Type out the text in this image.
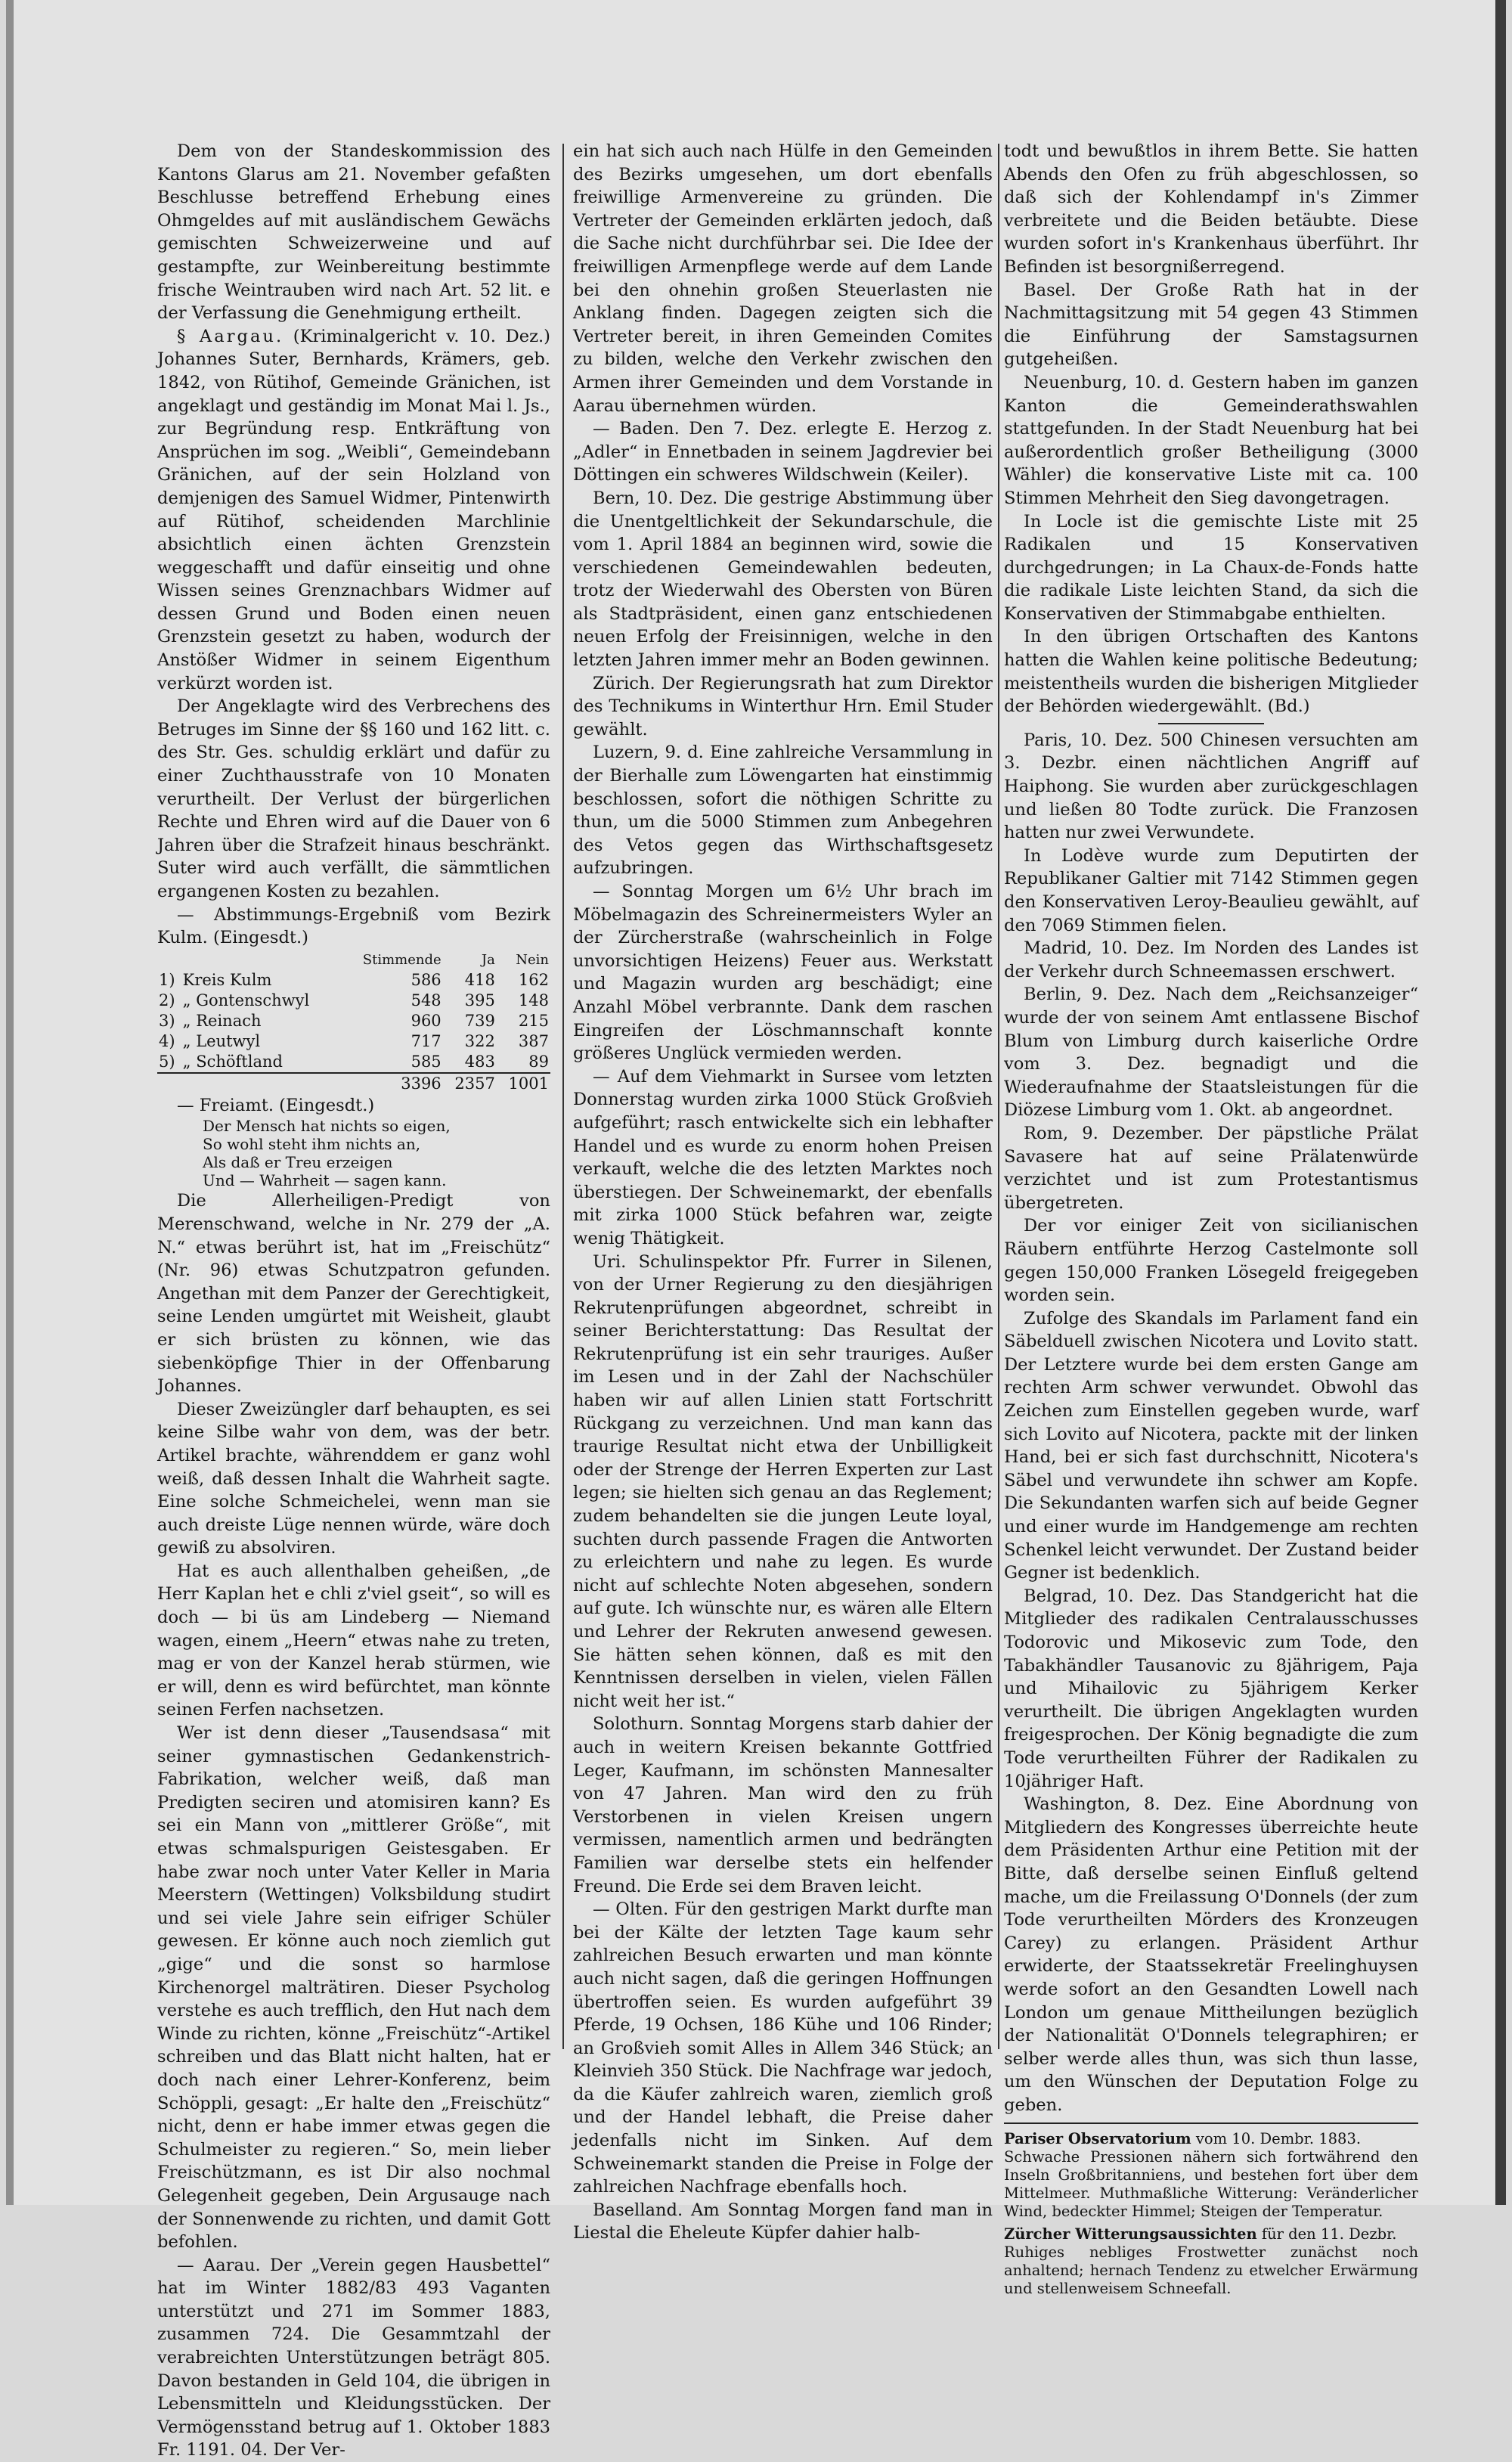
Dem von der Standeskommission des Kantons Glarus am 21. November gefaßten Beschlusse betreffend Erhebung eines Ohmgeldes auf mit ausländischem Gewächs gemischten Schweizerweine und auf gestampfte, zur Weinbereitung bestimmte frische Weintrauben wird nach Art. 52 lit. e der Verfassung die Genehmigung ertheilt.

§ Aargau. (Kriminalgericht v. 10. Dez.) Johannes Suter, Bernhards, Krämers, geb. 1842, von Rütihof, Gemeinde Gränichen, ist angeklagt und geständig im Monat Mai l. Js., zur Begründung resp. Entkräftung von Ansprüchen im sog. „Weibli“, Gemeindebann Gränichen, auf der sein Holzland von demjenigen des Samuel Widmer, Pintenwirth auf Rütihof, scheidenden Marchlinie absichtlich einen ächten Grenzstein weggeschafft und dafür einseitig und ohne Wissen seines Grenznachbars Widmer auf dessen Grund und Boden einen neuen Grenzstein gesetzt zu haben, wodurch der Anstößer Widmer in seinem Eigenthum verkürzt worden ist.

Der Angeklagte wird des Verbrechens des Betruges im Sinne der §§ 160 und 162 litt. c. des Str. Ges. schuldig erklärt und dafür zu einer Zuchthausstrafe von 10 Monaten verurtheilt. Der Verlust der bürgerlichen Rechte und Ehren wird auf die Dauer von 6 Jahren über die Strafzeit hinaus beschränkt. Suter wird auch verfällt, die sämmtlichen ergangenen Kosten zu bezahlen.

— Abstimmungs-Ergebniß vom Bezirk Kulm. (Eingesdt.)

		Stimmende	Ja	Nein
1)	Kreis Kulm	586	418	162
2)	„ Gontenschwyl	548	395	148
3)	„ Reinach	960	739	215
4)	„ Leutwyl	717	322	387
5)	„ Schöftland	585	483	89
		3396	2357	1001

— Freiamt. (Eingesdt.)

Der Mensch hat nichts so eigen,
So wohl steht ihm nichts an,
Als daß er Treu erzeigen
Und — Wahrheit — sagen kann.

Die Allerheiligen-Predigt von Merenschwand, welche in Nr. 279 der „A. N.“ etwas berührt ist, hat im „Freischütz“ (Nr. 96) etwas Schutzpatron gefunden. Angethan mit dem Panzer der Gerechtigkeit, seine Lenden umgürtet mit Weisheit, glaubt er sich brüsten zu können, wie das siebenköpfige Thier in der Offenbarung Johannes.

Dieser Zweizüngler darf behaupten, es sei keine Silbe wahr von dem, was der betr. Artikel brachte, währenddem er ganz wohl weiß, daß dessen Inhalt die Wahrheit sagte. Eine solche Schmeichelei, wenn man sie auch dreiste Lüge nennen würde, wäre doch gewiß zu absolviren.

Hat es auch allenthalben geheißen, „de Herr Kaplan het e chli z'viel gseit“, so will es doch — bi üs am Lindeberg — Niemand wagen, einem „Heern“ etwas nahe zu treten, mag er von der Kanzel herab stürmen, wie er will, denn es wird befürchtet, man könnte seinen Ferfen nachsetzen.

Wer ist denn dieser „Tausendsasa“ mit seiner gymnastischen Gedankenstrich-Fabrikation, welcher weiß, daß man Predigten seciren und atomisiren kann? Es sei ein Mann von „mittlerer Größe“, mit etwas schmalspurigen Geistesgaben. Er habe zwar noch unter Vater Keller in Maria Meerstern (Wettingen) Volksbildung studirt und sei viele Jahre sein eifriger Schüler gewesen. Er könne auch noch ziemlich gut „gige“ und die sonst so harmlose Kirchenorgel malträtiren. Dieser Psycholog verstehe es auch trefflich, den Hut nach dem Winde zu richten, könne „Freischütz“-Artikel schreiben und das Blatt nicht halten, hat er doch nach einer Lehrer-Konferenz, beim Schöppli, gesagt: „Er halte den „Freischütz“ nicht, denn er habe immer etwas gegen die Schulmeister zu regieren.“ So, mein lieber Freischützmann, es ist Dir also nochmal Gelegenheit gegeben, Dein Argusauge nach der Sonnenwende zu richten, und damit Gott befohlen.

— Aarau. Der „Verein gegen Hausbettel“ hat im Winter 1882/83 493 Vaganten unterstützt und 271 im Sommer 1883, zusammen 724. Die Gesammtzahl der verabreichten Unterstützungen beträgt 805. Davon bestanden in Geld 104, die übrigen in Lebensmitteln und Kleidungsstücken. Der Vermögensstand betrug auf 1. Oktober 1883 Fr. 1191. 04. Der Ver-

ein hat sich auch nach Hülfe in den Gemeinden des Bezirks umgesehen, um dort ebenfalls freiwillige Armenvereine zu gründen. Die Vertreter der Gemeinden erklärten jedoch, daß die Sache nicht durchführbar sei. Die Idee der freiwilligen Armenpflege werde auf dem Lande bei den ohnehin großen Steuerlasten nie Anklang finden. Dagegen zeigten sich die Vertreter bereit, in ihren Gemeinden Comites zu bilden, welche den Verkehr zwischen den Armen ihrer Gemeinden und dem Vorstande in Aarau übernehmen würden.

— Baden. Den 7. Dez. erlegte E. Herzog z. „Adler“ in Ennetbaden in seinem Jagdrevier bei Döttingen ein schweres Wildschwein (Keiler).

Bern, 10. Dez. Die gestrige Abstimmung über die Unentgeltlichkeit der Sekundarschule, die vom 1. April 1884 an beginnen wird, sowie die verschiedenen Gemeindewahlen bedeuten, trotz der Wiederwahl des Obersten von Büren als Stadtpräsident, einen ganz entschiedenen neuen Erfolg der Freisinnigen, welche in den letzten Jahren immer mehr an Boden gewinnen.

Zürich. Der Regierungsrath hat zum Direktor des Technikums in Winterthur Hrn. Emil Studer gewählt.

Luzern, 9. d. Eine zahlreiche Versammlung in der Bierhalle zum Löwengarten hat einstimmig beschlossen, sofort die nöthigen Schritte zu thun, um die 5000 Stimmen zum Anbegehren des Vetos gegen das Wirthschaftsgesetz aufzubringen.

— Sonntag Morgen um 6½ Uhr brach im Möbelmagazin des Schreinermeisters Wyler an der Zürcherstraße (wahrscheinlich in Folge unvorsichtigen Heizens) Feuer aus. Werkstatt und Magazin wurden arg beschädigt; eine Anzahl Möbel verbrannte. Dank dem raschen Eingreifen der Löschmannschaft konnte größeres Unglück vermieden werden.

— Auf dem Viehmarkt in Sursee vom letzten Donnerstag wurden zirka 1000 Stück Großvieh aufgeführt; rasch entwickelte sich ein lebhafter Handel und es wurde zu enorm hohen Preisen verkauft, welche die des letzten Marktes noch überstiegen. Der Schweinemarkt, der ebenfalls mit zirka 1000 Stück befahren war, zeigte wenig Thätigkeit.

Uri. Schulinspektor Pfr. Furrer in Silenen, von der Urner Regierung zu den diesjährigen Rekrutenprüfungen abgeordnet, schreibt in seiner Berichterstattung: Das Resultat der Rekrutenprüfung ist ein sehr trauriges. Außer im Lesen und in der Zahl der Nachschüler haben wir auf allen Linien statt Fortschritt Rückgang zu verzeichnen. Und man kann das traurige Resultat nicht etwa der Unbilligkeit oder der Strenge der Herren Experten zur Last legen; sie hielten sich genau an das Reglement; zudem behandelten sie die jungen Leute loyal, suchten durch passende Fragen die Antworten zu erleichtern und nahe zu legen. Es wurde nicht auf schlechte Noten abgesehen, sondern auf gute. Ich wünschte nur, es wären alle Eltern und Lehrer der Rekruten anwesend gewesen. Sie hätten sehen können, daß es mit den Kenntnissen derselben in vielen, vielen Fällen nicht weit her ist.“

Solothurn. Sonntag Morgens starb dahier der auch in weitern Kreisen bekannte Gottfried Leger, Kaufmann, im schönsten Mannesalter von 47 Jahren. Man wird den zu früh Verstorbenen in vielen Kreisen ungern vermissen, namentlich armen und bedrängten Familien war derselbe stets ein helfender Freund. Die Erde sei dem Braven leicht.

— Olten. Für den gestrigen Markt durfte man bei der Kälte der letzten Tage kaum sehr zahlreichen Besuch erwarten und man könnte auch nicht sagen, daß die geringen Hoffnungen übertroffen seien. Es wurden aufgeführt 39 Pferde, 19 Ochsen, 186 Kühe und 106 Rinder; an Großvieh somit Alles in Allem 346 Stück; an Kleinvieh 350 Stück. Die Nachfrage war jedoch, da die Käufer zahlreich waren, ziemlich groß und der Handel lebhaft, die Preise daher jedenfalls nicht im Sinken. Auf dem Schweinemarkt standen die Preise in Folge der zahlreichen Nachfrage ebenfalls hoch.

Baselland. Am Sonntag Morgen fand man in Liestal die Eheleute Küpfer dahier halb-

todt und bewußtlos in ihrem Bette. Sie hatten Abends den Ofen zu früh abgeschlossen, so daß sich der Kohlendampf in's Zimmer verbreitete und die Beiden betäubte. Diese wurden sofort in's Krankenhaus überführt. Ihr Befinden ist besorgnißerregend.

Basel. Der Große Rath hat in der Nachmittagsitzung mit 54 gegen 43 Stimmen die Einführung der Samstagsurnen gutgeheißen.

Neuenburg, 10. d. Gestern haben im ganzen Kanton die Gemeinderathswahlen stattgefunden. In der Stadt Neuenburg hat bei außerordentlich großer Betheiligung (3000 Wähler) die konservative Liste mit ca. 100 Stimmen Mehrheit den Sieg davongetragen.

In Locle ist die gemischte Liste mit 25 Radikalen und 15 Konservativen durchgedrungen; in La Chaux-de-Fonds hatte die radikale Liste leichten Stand, da sich die Konservativen der Stimmabgabe enthielten.

In den übrigen Ortschaften des Kantons hatten die Wahlen keine politische Bedeutung; meistentheils wurden die bisherigen Mitglieder der Behörden wiedergewählt. (Bd.)

Paris, 10. Dez. 500 Chinesen versuchten am 3. Dezbr. einen nächtlichen Angriff auf Haiphong. Sie wurden aber zurückgeschlagen und ließen 80 Todte zurück. Die Franzosen hatten nur zwei Verwundete.

In Lodève wurde zum Deputirten der Republikaner Galtier mit 7142 Stimmen gegen den Konservativen Leroy-Beaulieu gewählt, auf den 7069 Stimmen fielen.

Madrid, 10. Dez. Im Norden des Landes ist der Verkehr durch Schneemassen erschwert.

Berlin, 9. Dez. Nach dem „Reichsanzeiger“ wurde der von seinem Amt entlassene Bischof Blum von Limburg durch kaiserliche Ordre vom 3. Dez. begnadigt und die Wiederaufnahme der Staatsleistungen für die Diözese Limburg vom 1. Okt. ab angeordnet.

Rom, 9. Dezember. Der päpstliche Prälat Savasere hat auf seine Prälatenwürde verzichtet und ist zum Protestantismus übergetreten.

Der vor einiger Zeit von sicilianischen Räubern entführte Herzog Castelmonte soll gegen 150,000 Franken Lösegeld freigegeben worden sein.

Zufolge des Skandals im Parlament fand ein Säbelduell zwischen Nicotera und Lovito statt. Der Letztere wurde bei dem ersten Gange am rechten Arm schwer verwundet. Obwohl das Zeichen zum Einstellen gegeben wurde, warf sich Lovito auf Nicotera, packte mit der linken Hand, bei er sich fast durchschnitt, Nicotera's Säbel und verwundete ihn schwer am Kopfe. Die Sekundanten warfen sich auf beide Gegner und einer wurde im Handgemenge am rechten Schenkel leicht verwundet. Der Zustand beider Gegner ist bedenklich.

Belgrad, 10. Dez. Das Standgericht hat die Mitglieder des radikalen Centralausschusses Todorovic und Mikosevic zum Tode, den Tabakhändler Tausanovic zu 8jährigem, Paja und Mihailovic zu 5jährigem Kerker verurtheilt. Die übrigen Angeklagten wurden freigesprochen. Der König begnadigte die zum Tode verurtheilten Führer der Radikalen zu 10jähriger Haft.

Washington, 8. Dez. Eine Abordnung von Mitgliedern des Kongresses überreichte heute dem Präsidenten Arthur eine Petition mit der Bitte, daß derselbe seinen Einfluß geltend mache, um die Freilassung O'Donnels (der zum Tode verurtheilten Mörders des Kronzeugen Carey) zu erlangen. Präsident Arthur erwiderte, der Staatssekretär Freelinghuysen werde sofort an den Gesandten Lowell nach London um genaue Mittheilungen bezüglich der Nationalität O'Donnels telegraphiren; er selber werde alles thun, was sich thun lasse, um den Wünschen der Deputation Folge zu geben.

Pariser Observatorium vom 10. Dembr. 1883.
Schwache Pressionen nähern sich fortwährend den Inseln Großbritanniens, und bestehen fort über dem Mittelmeer. Muthmaßliche Witterung: Veränderlicher Wind, bedeckter Himmel; Steigen der Temperatur.
Zürcher Witterungsaussichten für den 11. Dezbr.
Ruhiges nebliges Frostwetter zunächst noch anhaltend; hernach Tendenz zu etwelcher Erwärmung und stellenweisem Schneefall.
